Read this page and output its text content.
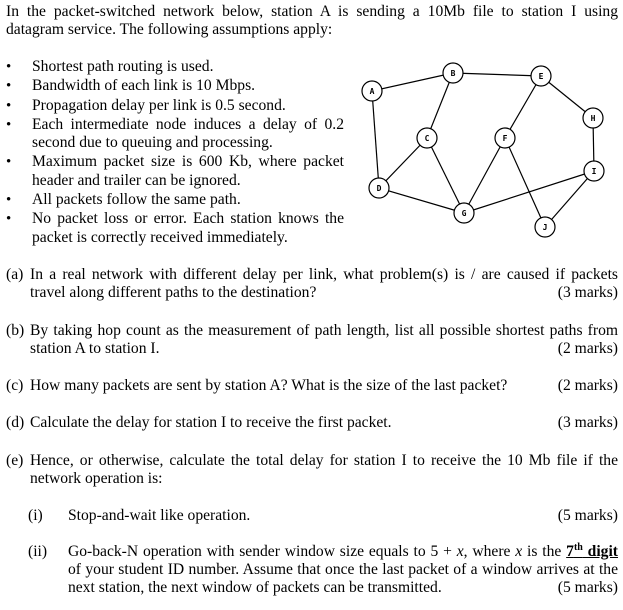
In the packet-switched network below, station A is sending a 10Mb file to station I using datagram service. The following assumptions apply:
•	Shortest path routing is used.
•	Bandwidth of each link is 10 Mbps.
•	Propagation delay per link is 0.5 second.
•	Each intermediate node induces a delay of 0.2 second due to queuing and processing.
•	Maximum packet size is 600 Kb, where packet header and trailer can be ignored.
•	All packets follow the same path.
•	No packet loss or error. Each station knows the packet is correctly received immediately.
A
B
C
D
E
F
G
H
I
J
(a) In a real network with different delay per link, what problem(s) is / are caused if packets travel along different paths to the destination?	(3 marks)
(b) By taking hop count as the measurement of path length, list all possible shortest paths from station A to station I.	(2 marks)
(c) How many packets are sent by station A? What is the size of the last packet?	(2 marks)
(d) Calculate the delay for station I to receive the first packet.	(3 marks)
(e) Hence, or otherwise, calculate the total delay for station I to receive the 10 Mb file if the network operation is:
(i) Stop-and-wait like operation.	(5 marks)
(ii) Go-back-N operation with sender window size equals to 5 + x, where x is the 7th digit of your student ID number. Assume that once the last packet of a window arrives at the next station, the next window of packets can be transmitted.	(5 marks)
